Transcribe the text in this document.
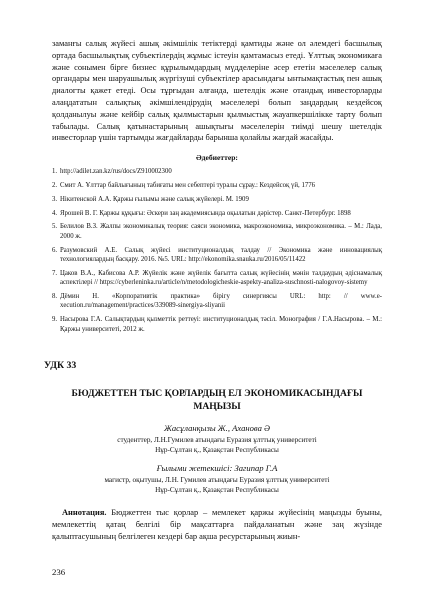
заманғы салық жүйесі ашық әкімшілік тетіктерді қамтиды және ол әлемдегі басшылық ортада басшылықтық субъектілердің жұмыс істеуін қамтамасыз етеді. Ұлттық экономикаға және сонымен бірге бизнес құрылымдардың мүдделеріне әсер ететін мәселелер салық органдары мен шаруашылық жүргізуші субъектілер арасындағы ынтымақтастық пен ашық диалогты қажет етеді. Осы тұрғыдан алғанда, шетелдік және отандық инвесторларды алаңдататын салықтық әкімшілендірудің мәселелері болып заңдардың кездейсоқ қолданылуы және кейбір салық қылмыстарын қылмыстық жауапкершілікке тарту болып табылады. Салық қатынастарының ашықтығы мәселелерін тиімді шешу шетелдік инвесторлар үшін тартымды жағдайларды барынша қолайлы жағдай жасайды.

Әдебиеттер:
1. http://adilet.zan.kz/rus/docs/Z910002300
2. Смит А. Ұлттар байлығының табиғаты мен себептері туралы сұрау.: Кездейсоқ үй, 1776
3. Нікитенской А.А. Қаржы ғылымы және салық жүйелері. М. 1909
4. Ярошей В. Г. Қаржы құқығы: Әскери заң академиясында оқылатын дәрістер. Санкт-Петербург. 1898
5. Белилов В.З. Жалпы экономикалық теория: саяси экономика, макроэкономика, микроэкономика. – М.: Лада, 2000 ж.
6. Разумовский А.Е. Салық жүйесі институционалдық талдау // Экономика және инновациялық технологиялардың басқару. 2016. №5. URL: http://ekonomika.snauka.ru/2016/05/11422
7. Цаков В.А., Кабисова А.Р. Жүйелік және жүйелік бағытта салық жүйесінің мәнін талдаудың әдіснамалық аспектілері // https://cyberleninka.ru/article/n/metodologicheskie-aspekty-analiza-suschnosti-nalogovoy-sistemy
8. Дёмин Н. «Корпоративтік практика» бірігу синергиясы URL: http: // www.e-xecution.ru/management/practices/339089-sinergiya-sliyanii
9. Насырова Г.А. Салықтардың қызметтік реттеуі: институционалдық тәсіл. Монография / Г.А.Насырова. – М.: Қаржы университеті, 2012 ж.
УДК 33
БЮДЖЕТТЕН ТЫС ҚОРЛАРДЫҢ ЕЛ ЭКОНОМИКАСЫНДАҒЫ МАҢЫЗЫ
Жасұланқызы Ж., Аханова Ә
студенттер, Л.Н.Гумилев атындағы Еуразия ұлттық университеті
Нұр-Сұлтан қ., Қазақстан Республикасы
Ғылыми жетекшісі: Загипар Г.А
магистр, оқытушы, Л.Н. Гумилев атындағы Еуразия ұлттық университеті
Нұр-Сұлтан қ., Қазақстан Республикасы

Аннотация. Бюджеттен тыс қорлар – мемлекет қаржы жүйесінің маңызды буыны, мемлекеттің қатаң белгілі бір мақсаттарға пайдаланатын және заң жүзінде қалыптасушының белгілеген кездері бар ақша ресурстарының жиын-

236
